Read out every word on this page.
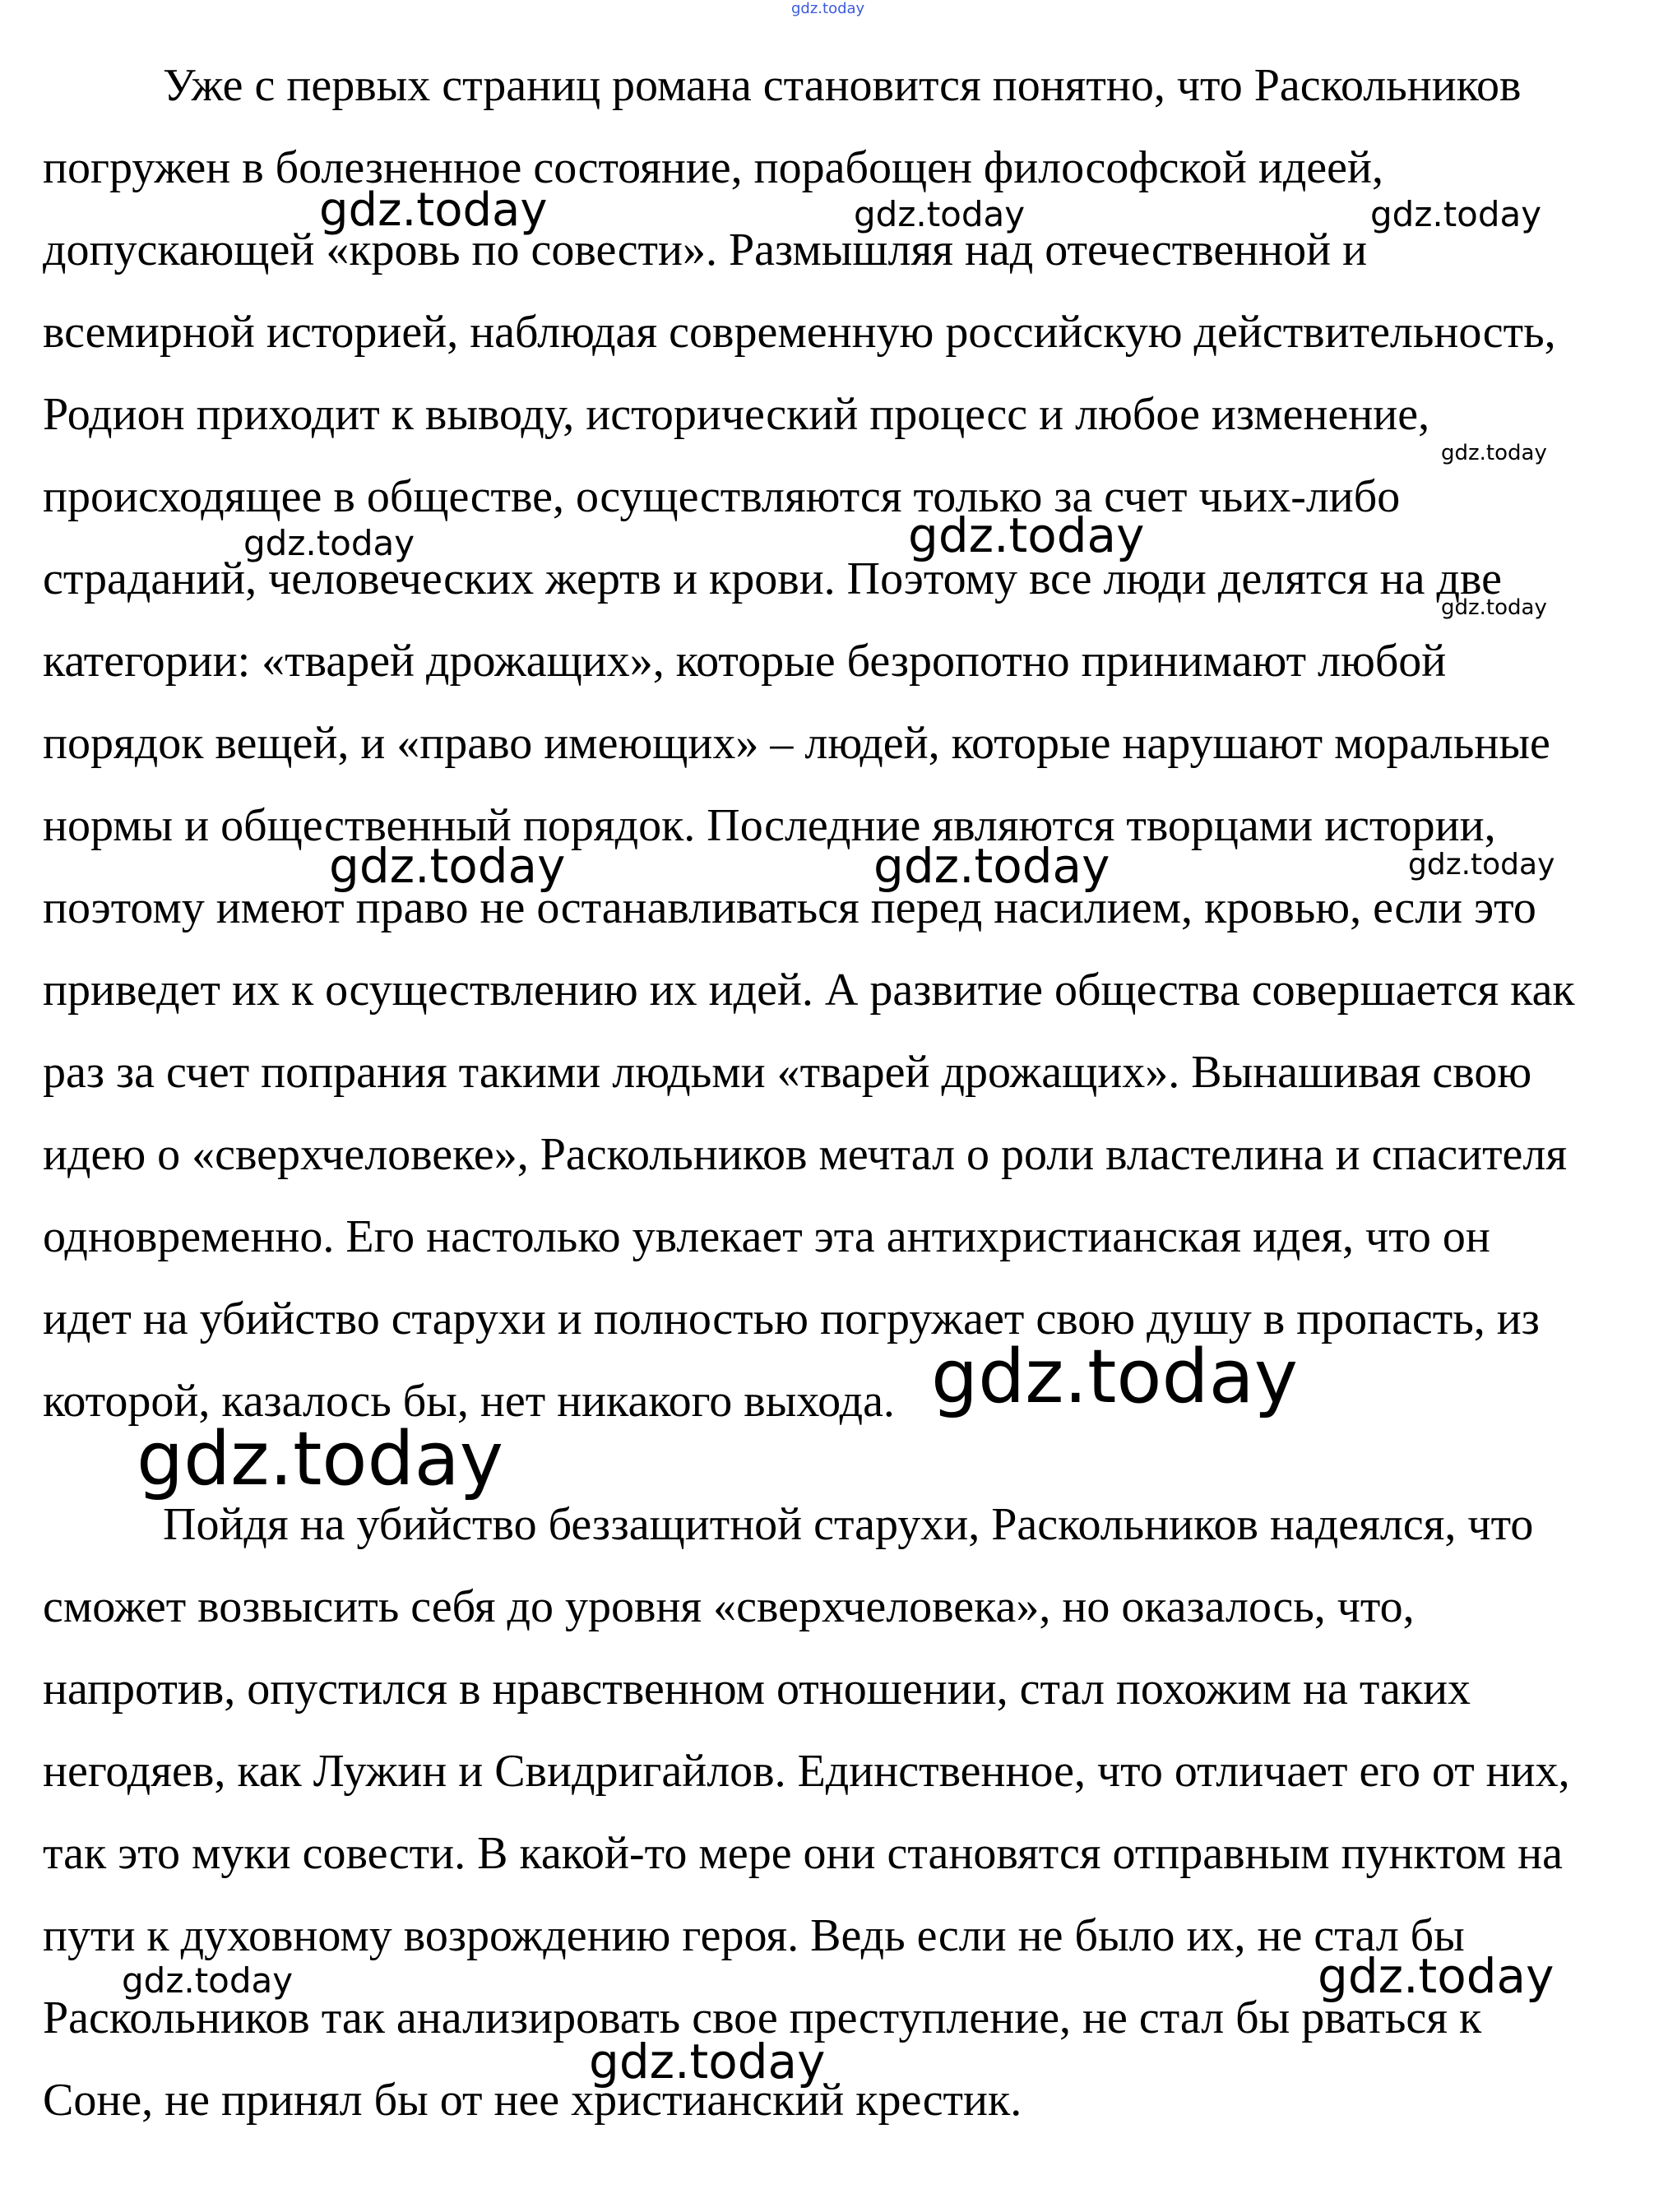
Уже с первых страниц романа становится понятно, что Раскольников
погружен в болезненное состояние, порабощен философской идеей,
допускающей «кровь по совести». Размышляя над отечественной и
всемирной историей, наблюдая современную российскую действительность,
Родион приходит к выводу, исторический процесс и любое изменение,
происходящее в обществе, осуществляются только за счет чьих-либо
страданий, человеческих жертв и крови. Поэтому все люди делятся на две
категории: «тварей дрожащих», которые безропотно принимают любой
порядок вещей, и «право имеющих» – людей, которые нарушают моральные
нормы и общественный порядок. Последние являются творцами истории,
поэтому имеют право не останавливаться перед насилием, кровью, если это
приведет их к осуществлению их идей. А развитие общества совершается как
раз за счет попрания такими людьми «тварей дрожащих». Вынашивая свою
идею о «сверхчеловеке», Раскольников мечтал о роли властелина и спасителя
одновременно. Его настолько увлекает эта антихристианская идея, что он
идет на убийство старухи и полностью погружает свою душу в пропасть, из
которой, казалось бы, нет никакого выхода.
Пойдя на убийство беззащитной старухи, Раскольников надеялся, что
сможет возвысить себя до уровня «сверхчеловека», но оказалось, что,
напротив, опустился в нравственном отношении, стал похожим на таких
негодяев, как Лужин и Свидригайлов. Единственное, что отличает его от них,
так это муки совести. В какой-то мере они становятся отправным пунктом на
пути к духовному возрождению героя. Ведь если не было их, не стал бы
Раскольников так анализировать свое преступление, не стал бы рваться к
Соне, не принял бы от нее христианский крестик.
gdz.today
gdz.today	gdz.today	gdz.today
gdz.today
gdz.today	gdz.today
gdz.today
gdz.today	gdz.today	gdz.today
gdz.today
gdz.today
gdz.today	gdz.today
gdz.today
